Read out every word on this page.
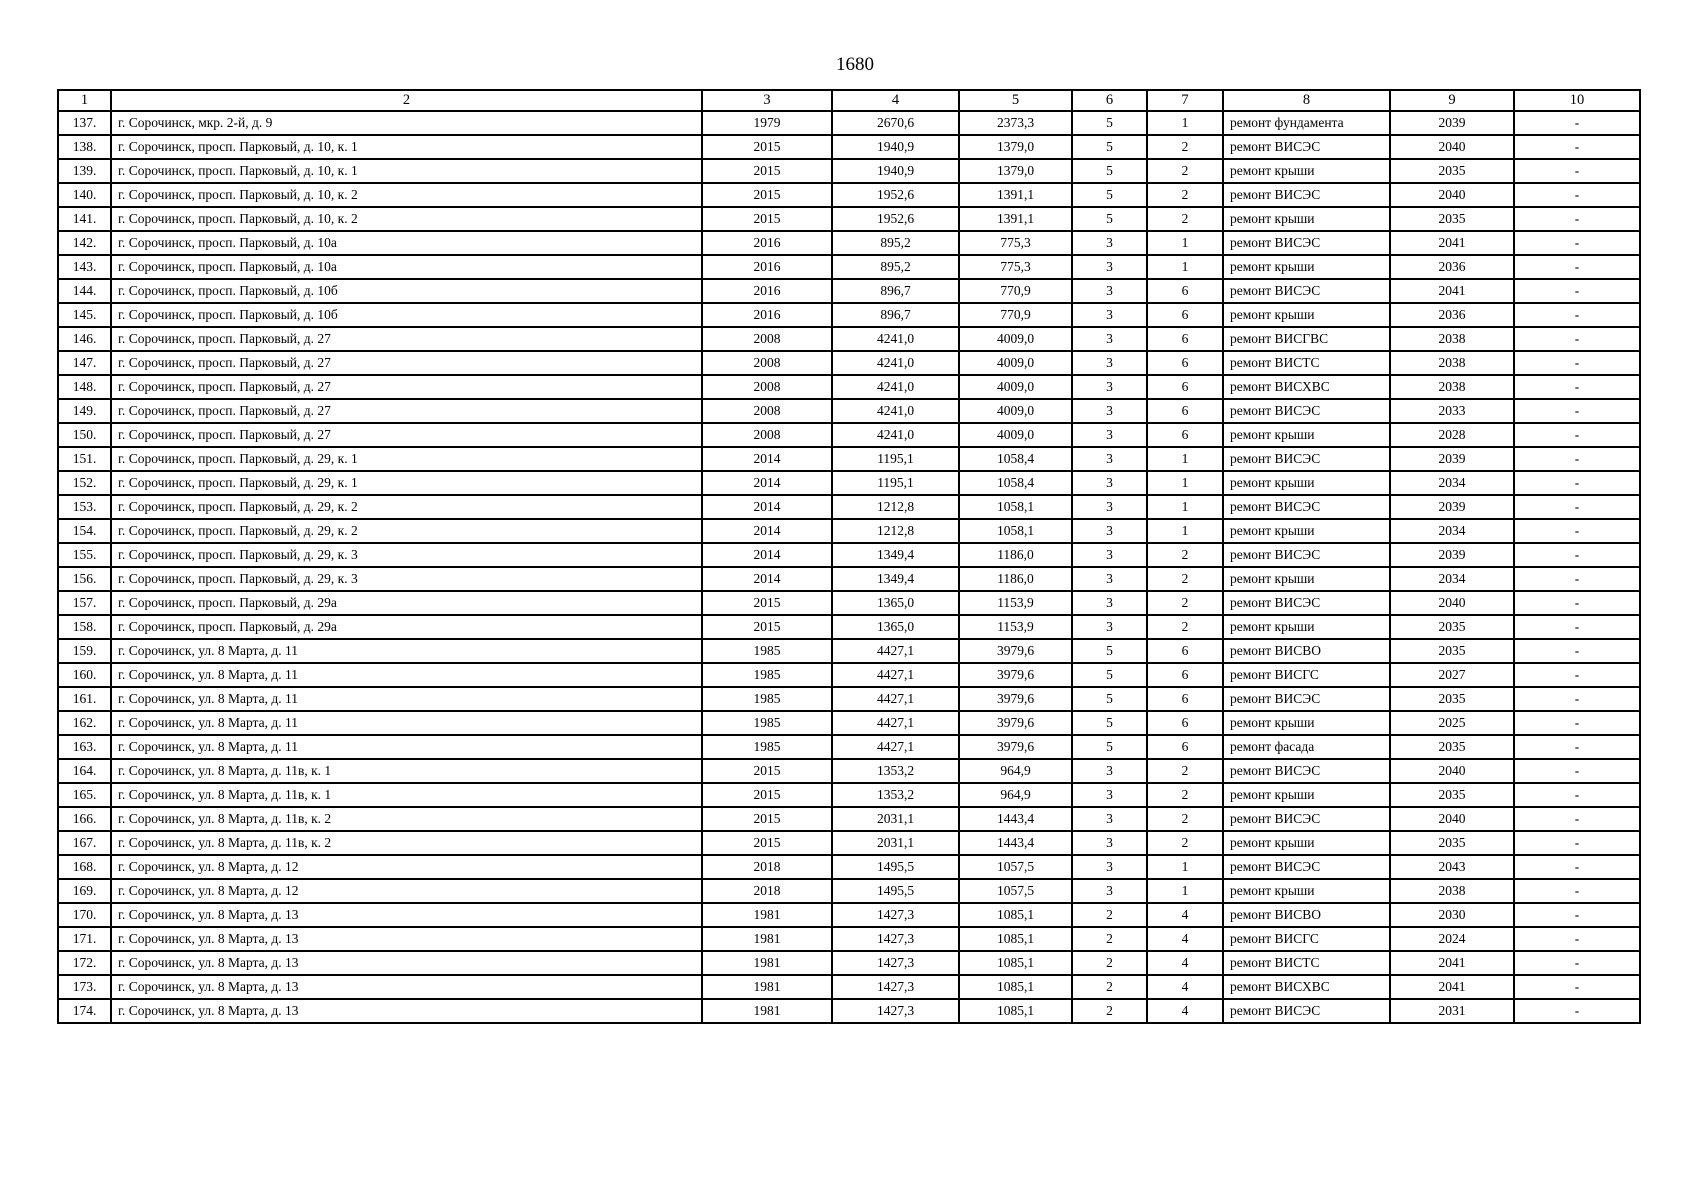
1680
1	2	3	4	5	6	7	8	9	10
137.	г. Сорочинск, мкр. 2-й, д. 9	1979	2670,6	2373,3	5	1	ремонт фундамента	2039	-
138.	г. Сорочинск, просп. Парковый, д. 10, к. 1	2015	1940,9	1379,0	5	2	ремонт ВИСЭС	2040	-
139.	г. Сорочинск, просп. Парковый, д. 10, к. 1	2015	1940,9	1379,0	5	2	ремонт крыши	2035	-
140.	г. Сорочинск, просп. Парковый, д. 10, к. 2	2015	1952,6	1391,1	5	2	ремонт ВИСЭС	2040	-
141.	г. Сорочинск, просп. Парковый, д. 10, к. 2	2015	1952,6	1391,1	5	2	ремонт крыши	2035	-
142.	г. Сорочинск, просп. Парковый, д. 10а	2016	895,2	775,3	3	1	ремонт ВИСЭС	2041	-
143.	г. Сорочинск, просп. Парковый, д. 10а	2016	895,2	775,3	3	1	ремонт крыши	2036	-
144.	г. Сорочинск, просп. Парковый, д. 10б	2016	896,7	770,9	3	6	ремонт ВИСЭС	2041	-
145.	г. Сорочинск, просп. Парковый, д. 10б	2016	896,7	770,9	3	6	ремонт крыши	2036	-
146.	г. Сорочинск, просп. Парковый, д. 27	2008	4241,0	4009,0	3	6	ремонт ВИСГВС	2038	-
147.	г. Сорочинск, просп. Парковый, д. 27	2008	4241,0	4009,0	3	6	ремонт ВИСТС	2038	-
148.	г. Сорочинск, просп. Парковый, д. 27	2008	4241,0	4009,0	3	6	ремонт ВИСХВС	2038	-
149.	г. Сорочинск, просп. Парковый, д. 27	2008	4241,0	4009,0	3	6	ремонт ВИСЭС	2033	-
150.	г. Сорочинск, просп. Парковый, д. 27	2008	4241,0	4009,0	3	6	ремонт крыши	2028	-
151.	г. Сорочинск, просп. Парковый, д. 29, к. 1	2014	1195,1	1058,4	3	1	ремонт ВИСЭС	2039	-
152.	г. Сорочинск, просп. Парковый, д. 29, к. 1	2014	1195,1	1058,4	3	1	ремонт крыши	2034	-
153.	г. Сорочинск, просп. Парковый, д. 29, к. 2	2014	1212,8	1058,1	3	1	ремонт ВИСЭС	2039	-
154.	г. Сорочинск, просп. Парковый, д. 29, к. 2	2014	1212,8	1058,1	3	1	ремонт крыши	2034	-
155.	г. Сорочинск, просп. Парковый, д. 29, к. 3	2014	1349,4	1186,0	3	2	ремонт ВИСЭС	2039	-
156.	г. Сорочинск, просп. Парковый, д. 29, к. 3	2014	1349,4	1186,0	3	2	ремонт крыши	2034	-
157.	г. Сорочинск, просп. Парковый, д. 29а	2015	1365,0	1153,9	3	2	ремонт ВИСЭС	2040	-
158.	г. Сорочинск, просп. Парковый, д. 29а	2015	1365,0	1153,9	3	2	ремонт крыши	2035	-
159.	г. Сорочинск, ул. 8 Марта, д. 11	1985	4427,1	3979,6	5	6	ремонт ВИСВО	2035	-
160.	г. Сорочинск, ул. 8 Марта, д. 11	1985	4427,1	3979,6	5	6	ремонт ВИСГС	2027	-
161.	г. Сорочинск, ул. 8 Марта, д. 11	1985	4427,1	3979,6	5	6	ремонт ВИСЭС	2035	-
162.	г. Сорочинск, ул. 8 Марта, д. 11	1985	4427,1	3979,6	5	6	ремонт крыши	2025	-
163.	г. Сорочинск, ул. 8 Марта, д. 11	1985	4427,1	3979,6	5	6	ремонт фасада	2035	-
164.	г. Сорочинск, ул. 8 Марта, д. 11в, к. 1	2015	1353,2	964,9	3	2	ремонт ВИСЭС	2040	-
165.	г. Сорочинск, ул. 8 Марта, д. 11в, к. 1	2015	1353,2	964,9	3	2	ремонт крыши	2035	-
166.	г. Сорочинск, ул. 8 Марта, д. 11в, к. 2	2015	2031,1	1443,4	3	2	ремонт ВИСЭС	2040	-
167.	г. Сорочинск, ул. 8 Марта, д. 11в, к. 2	2015	2031,1	1443,4	3	2	ремонт крыши	2035	-
168.	г. Сорочинск, ул. 8 Марта, д. 12	2018	1495,5	1057,5	3	1	ремонт ВИСЭС	2043	-
169.	г. Сорочинск, ул. 8 Марта, д. 12	2018	1495,5	1057,5	3	1	ремонт крыши	2038	-
170.	г. Сорочинск, ул. 8 Марта, д. 13	1981	1427,3	1085,1	2	4	ремонт ВИСВО	2030	-
171.	г. Сорочинск, ул. 8 Марта, д. 13	1981	1427,3	1085,1	2	4	ремонт ВИСГС	2024	-
172.	г. Сорочинск, ул. 8 Марта, д. 13	1981	1427,3	1085,1	2	4	ремонт ВИСТС	2041	-
173.	г. Сорочинск, ул. 8 Марта, д. 13	1981	1427,3	1085,1	2	4	ремонт ВИСХВС	2041	-
174.	г. Сорочинск, ул. 8 Марта, д. 13	1981	1427,3	1085,1	2	4	ремонт ВИСЭС	2031	-
